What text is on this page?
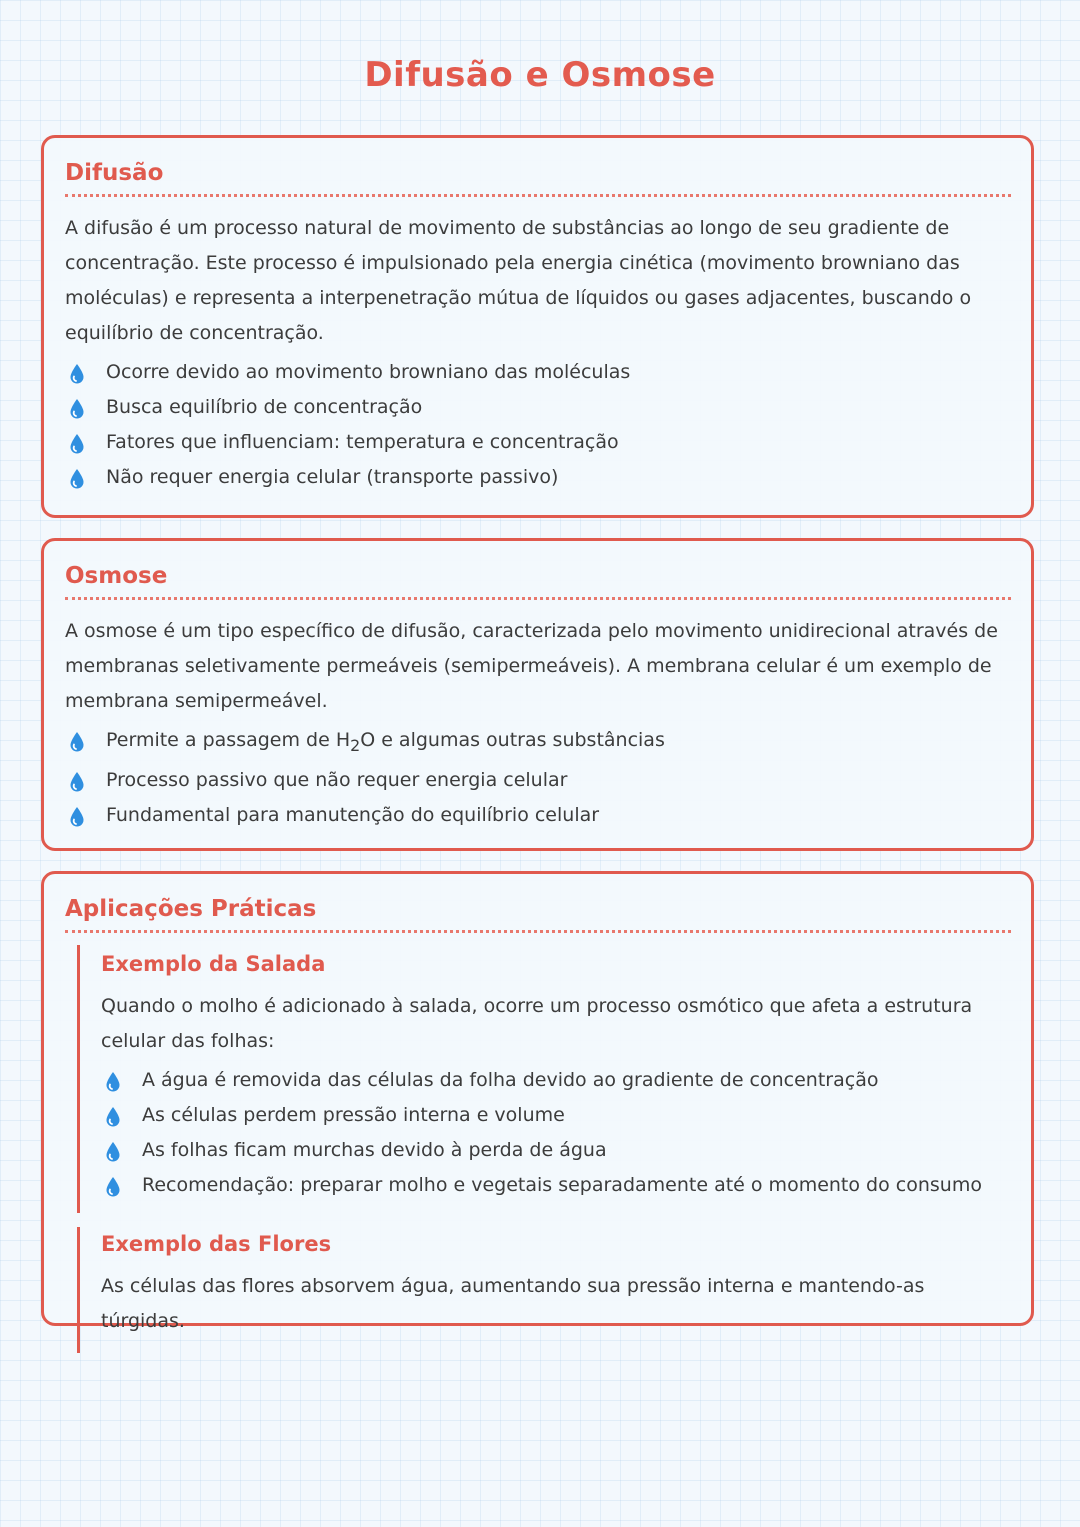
Difusão e Osmose
Difusão

A difusão é um processo natural de movimento de substâncias ao longo de seu gradiente de concentração. Este processo é impulsionado pela energia cinética (movimento browniano das moléculas) e representa a interpenetração mútua de líquidos ou gases adjacentes, buscando o equilíbrio de concentração.

Ocorre devido ao movimento browniano das moléculas
Busca equilíbrio de concentração
Fatores que influenciam: temperatura e concentração
Não requer energia celular (transporte passivo)
Osmose

A osmose é um tipo específico de difusão, caracterizada pelo movimento unidirecional através de membranas seletivamente permeáveis (semipermeáveis). A membrana celular é um exemplo de membrana semipermeável.

Permite a passagem de $H_2O$ e algumas outras substâncias
Processo passivo que não requer energia celular
Fundamental para manutenção do equilíbrio celular
Aplicações Práticas
Exemplo da Salada

Quando o molho é adicionado à salada, ocorre um processo osmótico que afeta a estrutura celular das folhas:

A água é removida das células da folha devido ao gradiente de concentração
As células perdem pressão interna e volume
As folhas ficam murchas devido à perda de água
Recomendação: preparar molho e vegetais separadamente até o momento do consumo
Exemplo das Flores

As células das flores absorvem água, aumentando sua pressão interna e mantendo-as túrgidas.
